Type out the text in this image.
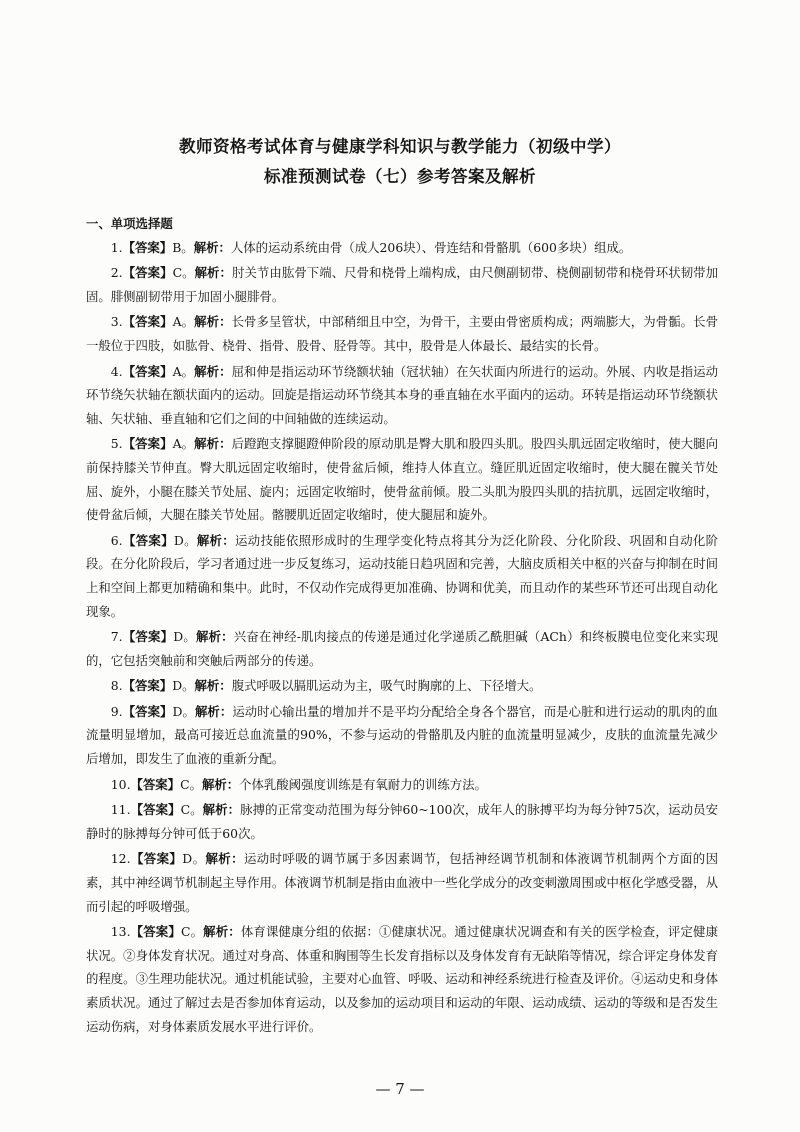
教师资格考试体育与健康学科知识与教学能力（初级中学）
标准预测试卷（七）参考答案及解析

一、单项选择题

1.【答案】B。解析：人体的运动系统由骨（成人206块）、骨连结和骨骼肌（600多块）组成。

2.【答案】C。解析：肘关节由肱骨下端、尺骨和桡骨上端构成，由尺侧副韧带、桡侧副韧带和桡骨环状韧带加固。腓侧副韧带用于加固小腿腓骨。

3.【答案】A。解析：长骨多呈管状，中部稍细且中空，为骨干，主要由骨密质构成；两端膨大，为骨骺。长骨一般位于四肢，如肱骨、桡骨、指骨、股骨、胫骨等。其中，股骨是人体最长、最结实的长骨。

4.【答案】A。解析：屈和伸是指运动环节绕额状轴（冠状轴）在矢状面内所进行的运动。外展、内收是指运动环节绕矢状轴在额状面内的运动。回旋是指运动环节绕其本身的垂直轴在水平面内的运动。环转是指运动环节绕额状轴、矢状轴、垂直轴和它们之间的中间轴做的连续运动。

5.【答案】A。解析：后蹬跑支撑腿蹬伸阶段的原动肌是臀大肌和股四头肌。股四头肌远固定收缩时，使大腿向前保持膝关节伸直。臀大肌远固定收缩时，使骨盆后倾，维持人体直立。缝匠肌近固定收缩时，使大腿在髋关节处屈、旋外，小腿在膝关节处屈、旋内；远固定收缩时，使骨盆前倾。股二头肌为股四头肌的拮抗肌，远固定收缩时，使骨盆后倾，大腿在膝关节处屈。髂腰肌近固定收缩时，使大腿屈和旋外。

6.【答案】D。解析：运动技能依照形成时的生理学变化特点将其分为泛化阶段、分化阶段、巩固和自动化阶段。在分化阶段后，学习者通过进一步反复练习，运动技能日趋巩固和完善，大脑皮质相关中枢的兴奋与抑制在时间上和空间上都更加精确和集中。此时，不仅动作完成得更加准确、协调和优美，而且动作的某些环节还可出现自动化现象。

7.【答案】D。解析：兴奋在神经-肌肉接点的传递是通过化学递质乙酰胆碱（ACh）和终板膜电位变化来实现的，它包括突触前和突触后两部分的传递。

8.【答案】D。解析：腹式呼吸以膈肌运动为主，吸气时胸廓的上、下径增大。

9.【答案】D。解析：运动时心输出量的增加并不是平均分配给全身各个器官，而是心脏和进行运动的肌肉的血流量明显增加，最高可接近总血流量的90%，不参与运动的骨骼肌及内脏的血流量明显减少，皮肤的血流量先减少后增加，即发生了血液的重新分配。

10.【答案】C。解析：个体乳酸阈强度训练是有氧耐力的训练方法。

11.【答案】C。解析：脉搏的正常变动范围为每分钟60~100次，成年人的脉搏平均为每分钟75次，运动员安静时的脉搏每分钟可低于60次。

12.【答案】D。解析：运动时呼吸的调节属于多因素调节，包括神经调节机制和体液调节机制两个方面的因素，其中神经调节机制起主导作用。体液调节机制是指由血液中一些化学成分的改变刺激周围或中枢化学感受器，从而引起的呼吸增强。

13.【答案】C。解析：体育课健康分组的依据：①健康状况。通过健康状况调查和有关的医学检查，评定健康状况。②身体发育状况。通过对身高、体重和胸围等生长发育指标以及身体发育有无缺陷等情况，综合评定身体发育的程度。③生理功能状况。通过机能试验，主要对心血管、呼吸、运动和神经系统进行检查及评价。④运动史和身体素质状况。通过了解过去是否参加体育运动，以及参加的运动项目和运动的年限、运动成绩、运动的等级和是否发生运动伤病，对身体素质发展水平进行评价。

— 7 —
